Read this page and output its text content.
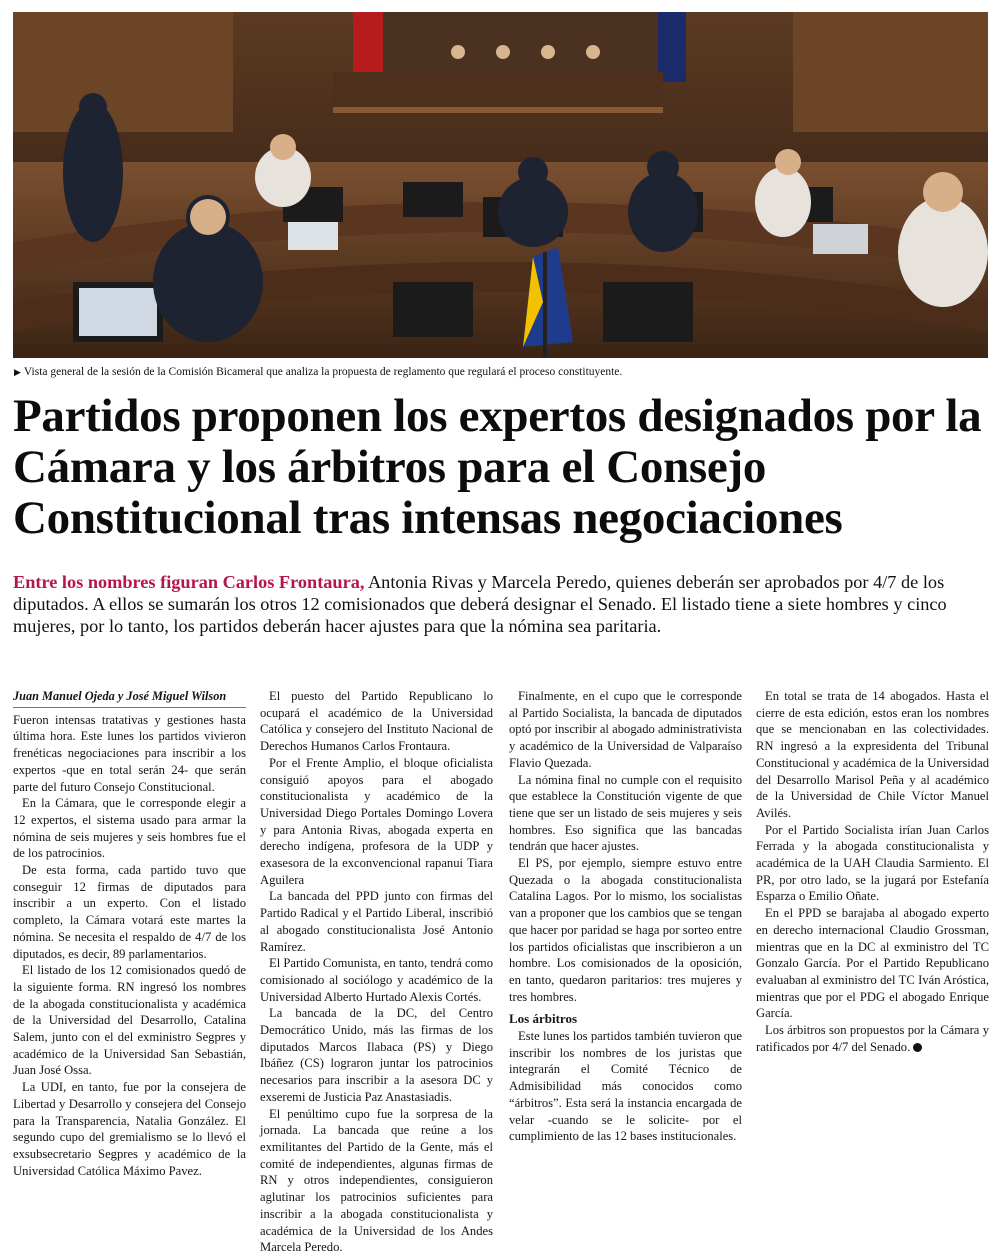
▶ Vista general de la sesión de la Comisión Bicameral que analiza la propuesta de reglamento que regulará el proceso constituyente.
Partidos proponen los expertos designados por la Cámara y los árbitros para el Consejo Constitucional tras intensas negociaciones

Entre los nombres figuran Carlos Frontaura, Antonia Rivas y Marcela Peredo, quienes deberán ser aprobados por 4/7 de los diputados. A ellos se sumarán los otros 12 comisionados que deberá designar el Senado. El listado tiene a siete hombres y cinco mujeres, por lo tanto, los partidos deberán hacer ajustes para que la nómina sea paritaria.

Juan Manuel Ojeda y José Miguel Wilson

Fueron intensas tratativas y gestiones hasta última hora. Este lunes los partidos vivieron frenéticas negociaciones para inscribir a los expertos -que en total serán 24- que serán parte del futuro Consejo Constitucional.

En la Cámara, que le corresponde elegir a 12 expertos, el sistema usado para armar la nómina de seis mujeres y seis hombres fue el de los patrocinios.

De esta forma, cada partido tuvo que conseguir 12 firmas de diputados para inscribir a un experto. Con el listado completo, la Cámara votará este martes la nómina. Se necesita el respaldo de 4/7 de los diputados, es decir, 89 parlamentarios.

El listado de los 12 comisionados quedó de la siguiente forma. RN ingresó los nombres de la abogada constitucionalista y académica de la Universidad del Desarrollo, Catalina Salem, junto con el del exministro Segpres y académico de la Universidad San Sebastián, Juan José Ossa.

La UDI, en tanto, fue por la consejera de Libertad y Desarrollo y consejera del Consejo para la Transparencia, Natalia González. El segundo cupo del gremialismo se lo llevó el exsubsecretario Segpres y académico de la Universidad Católica Máximo Pavez.

El puesto del Partido Republicano lo ocupará el académico de la Universidad Católica y consejero del Instituto Nacional de Derechos Humanos Carlos Frontaura.

Por el Frente Amplio, el bloque oficialista consiguió apoyos para el abogado constitucionalista y académico de la Universidad Diego Portales Domingo Lovera y para Antonia Rivas, abogada experta en derecho indígena, profesora de la UDP y exasesora de la exconvencional rapanui Tiara Aguilera

La bancada del PPD junto con firmas del Partido Radical y el Partido Liberal, inscribió al abogado constitucionalista José Antonio Ramírez.

El Partido Comunista, en tanto, tendrá como comisionado al sociólogo y académico de la Universidad Alberto Hurtado Alexis Cortés.

La bancada de la DC, del Centro Democrático Unido, más las firmas de los diputados Marcos Ilabaca (PS) y Diego Ibáñez (CS) lograron juntar los patrocinios necesarios para inscribir a la asesora DC y exseremi de Justicia Paz Anastasiadis.

El penúltimo cupo fue la sorpresa de la jornada. La bancada que reúne a los exmilitantes del Partido de la Gente, más el comité de independientes, algunas firmas de RN y otros independientes, consiguieron aglutinar los patrocinios suficientes para inscribir a la abogada constitucionalista y académica de la Universidad de los Andes Marcela Peredo.

Finalmente, en el cupo que le corresponde al Partido Socialista, la bancada de diputados optó por inscribir al abogado administrativista y académico de la Universidad de Valparaíso Flavio Quezada.

La nómina final no cumple con el requisito que establece la Constitución vigente de que tiene que ser un listado de seis mujeres y seis hombres. Eso significa que las bancadas tendrán que hacer ajustes.

El PS, por ejemplo, siempre estuvo entre Quezada o la abogada constitucionalista Catalina Lagos. Por lo mismo, los socialistas van a proponer que los cambios que se tengan que hacer por paridad se haga por sorteo entre los partidos oficialistas que inscribieron a un hombre. Los comisionados de la oposición, en tanto, quedaron paritarios: tres mujeres y tres hombres.

Los árbitros

Este lunes los partidos también tuvieron que inscribir los nombres de los juristas que integrarán el Comité Técnico de Admisibilidad más conocidos como “árbitros”. Esta será la instancia encargada de velar -cuando se le solicite- por el cumplimiento de las 12 bases institucionales.

En total se trata de 14 abogados. Hasta el cierre de esta edición, estos eran los nombres que se mencionaban en las colectividades. RN ingresó a la expresidenta del Tribunal Constitucional y académica de la Universidad del Desarrollo Marisol Peña y al académico de la Universidad de Chile Víctor Manuel Avilés.

Por el Partido Socialista irían Juan Carlos Ferrada y la abogada constitucionalista y académica de la UAH Claudia Sarmiento. El PR, por otro lado, se la jugará por Estefanía Esparza o Emilio Oñate.

En el PPD se barajaba al abogado experto en derecho internacional Claudio Grossman, mientras que en la DC al exministro del TC Gonzalo García. Por el Partido Republicano evaluaban al exministro del TC Iván Aróstica, mientras que por el PDG el abogado Enrique García.

Los árbitros son propuestos por la Cámara y ratificados por 4/7 del Senado.
